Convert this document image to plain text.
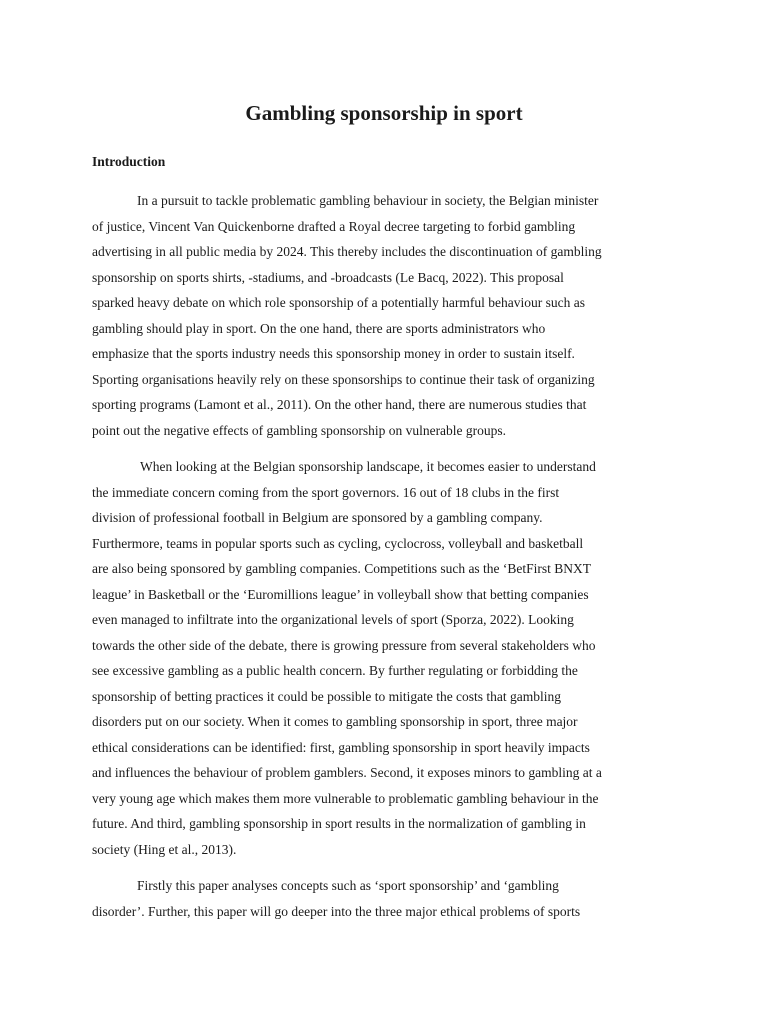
Gambling sponsorship in sport
Introduction
In a pursuit to tackle problematic gambling behaviour in society, the Belgian minister
of justice, Vincent Van Quickenborne drafted a Royal decree targeting to forbid gambling
advertising in all public media by 2024. This thereby includes the discontinuation of gambling
sponsorship on sports shirts, -stadiums, and -broadcasts (Le Bacq, 2022). This proposal
sparked heavy debate on which role sponsorship of a potentially harmful behaviour such as
gambling should play in sport. On the one hand, there are sports administrators who
emphasize that the sports industry needs this sponsorship money in order to sustain itself.
Sporting organisations heavily rely on these sponsorships to continue their task of organizing
sporting programs (Lamont et al., 2011). On the other hand, there are numerous studies that
point out the negative effects of gambling sponsorship on vulnerable groups.
When looking at the Belgian sponsorship landscape, it becomes easier to understand
the immediate concern coming from the sport governors. 16 out of 18 clubs in the first
division of professional football in Belgium are sponsored by a gambling company.
Furthermore, teams in popular sports such as cycling, cyclocross, volleyball and basketball
are also being sponsored by gambling companies. Competitions such as the ‘BetFirst BNXT
league’ in Basketball or the ‘Euromillions league’ in volleyball show that betting companies
even managed to infiltrate into the organizational levels of sport (Sporza, 2022). Looking
towards the other side of the debate, there is growing pressure from several stakeholders who
see excessive gambling as a public health concern. By further regulating or forbidding the
sponsorship of betting practices it could be possible to mitigate the costs that gambling
disorders put on our society. When it comes to gambling sponsorship in sport, three major
ethical considerations can be identified: first, gambling sponsorship in sport heavily impacts
and influences the behaviour of problem gamblers. Second, it exposes minors to gambling at a
very young age which makes them more vulnerable to problematic gambling behaviour in the
future. And third, gambling sponsorship in sport results in the normalization of gambling in
society (Hing et al., 2013).
Firstly this paper analyses concepts such as ‘sport sponsorship’ and ‘gambling
disorder’. Further, this paper will go deeper into the three major ethical problems of sports
